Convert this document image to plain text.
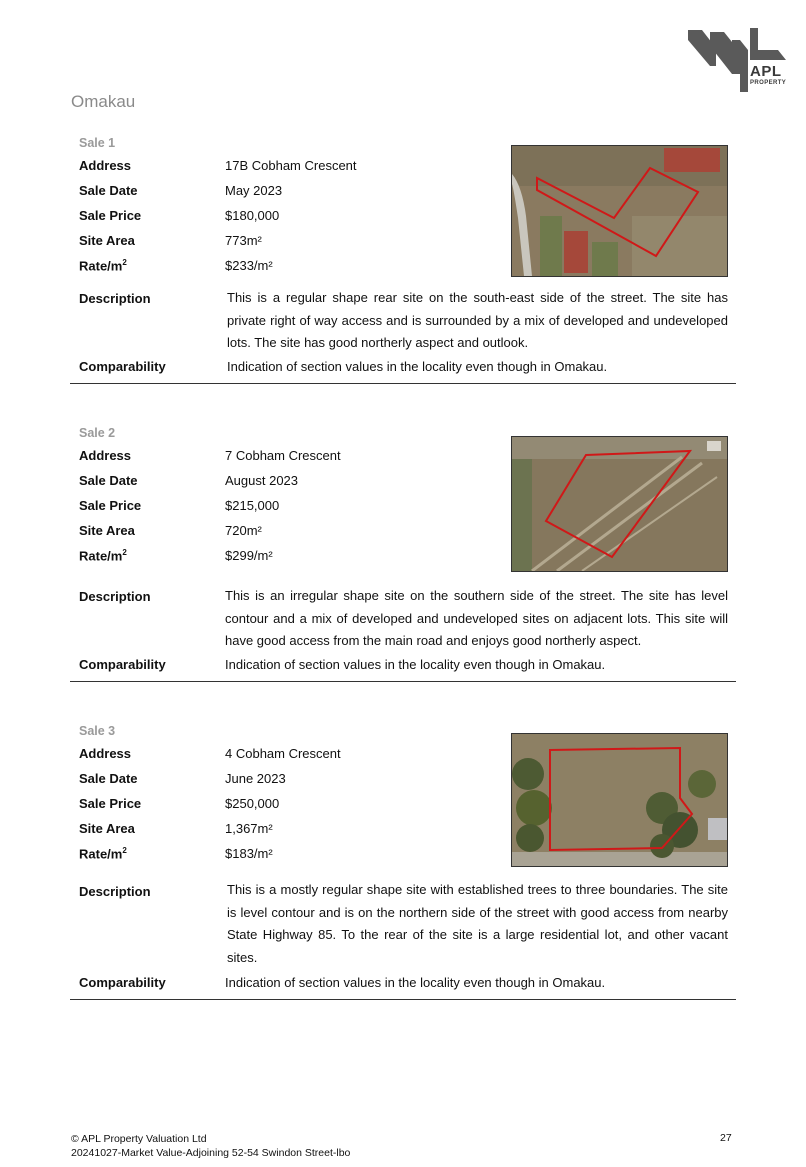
APL
PROPERTY
Omakau
Sale 1
Address	17B Cobham Crescent
Sale Date	May 2023
Sale Price	$180,000
Site Area	773m²
Rate/$m^2$	$233/m²
Description	This is a regular shape rear site on the south-east side of the street. The site has private right of way access and is surrounded by a mix of developed and undeveloped lots. The site has good northerly aspect and outlook.
Comparability	Indication of section values in the locality even though in Omakau.
Sale 2
Address	7 Cobham Crescent
Sale Date	August 2023
Sale Price	$215,000
Site Area	720m²
Rate/$m^2$	$299/m²
Description	This is an irregular shape site on the southern side of the street. The site has level contour and a mix of developed and undeveloped sites on adjacent lots. This site will have good access from the main road and enjoys good northerly aspect.
Comparability	Indication of section values in the locality even though in Omakau.
Sale 3
Address	4 Cobham Crescent
Sale Date	June 2023
Sale Price	$250,000
Site Area	1,367m²
Rate/$m^2$	$183/m²
Description	This is a mostly regular shape site with established trees to three boundaries. The site is level contour and is on the northern side of the street with good access from nearby State Highway 85. To the rear of the site is a large residential lot, and other vacant sites.
Comparability	Indication of section values in the locality even though in Omakau.
© APL Property Valuation Ltd
20241027-Market Value-Adjoining 52-54 Swindon Street-lbo
27
